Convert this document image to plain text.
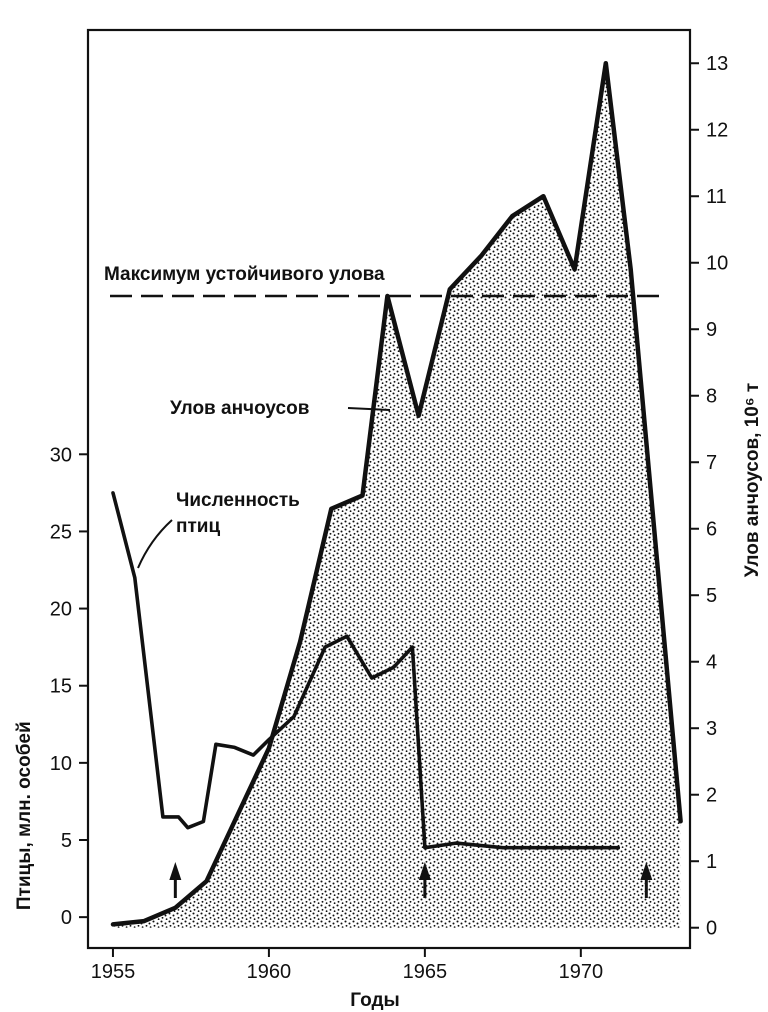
Максимум устойчивого улова
1955	1960	1965	1970
Годы
0
5
10
15
20
25
30
Птицы, млн. особей
0
1
2
3
4
5
6
7
8
9
10
11
12
13
Улов анчоусов, 10⁶ т
Улов анчоусов
Численность
птиц
